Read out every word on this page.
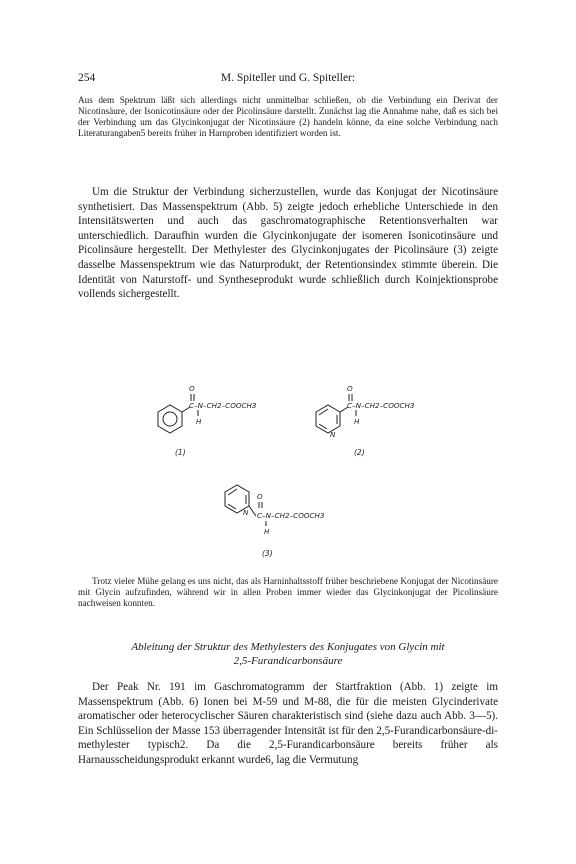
254	M. Spiteller und G. Spiteller:

Aus dem Spektrum läßt sich allerdings nicht unmittelbar schließen, ob die Verbindung ein Derivat der Nicotinsäure, der Isonicotinsäure oder der Picolinsäure darstellt. Zunächst lag die Annahme nahe, daß es sich bei der Verbindung um das Glycinkonjugat der Nicotinsäure (2) handeln könne, da eine solche Verbindung nach Literaturangaben5 bereits früher in Harnproben identifiziert worden ist.

Um die Struktur der Verbindung sicherzustellen, wurde das Konjugat der Nicotinsäure synthetisiert. Das Massenspektrum (Abb. 5) zeigte jedoch erhebliche Unterschiede in den Intensitätswerten und auch das gaschromatographische Retentionsverhalten war unterschiedlich. Daraufhin wurden die Glycinkonjugate der isomeren Isonicotinsäure und Picolinsäure hergestellt. Der Methylester des Glycinkonjugates der Picolinsäure (3) zeigte dasselbe Massenspektrum wie das Naturprodukt, der Retentionsindex stimmte überein. Die Identität von Naturstoff- und Syntheseprodukt wurde schließlich durch Koinjektionsprobe vollends sichergestellt.

O
C–N–CH2–COOCH3
H
(1)
N
O
C–N–CH2–COOCH3
H
(2)
N
O
C–N–CH2–COOCH3
H
(3)

Trotz vieler Mühe gelang es uns nicht, das als Harninhaltsstoff früher beschriebene Konjugat der Nicotinsäure mit Glycin aufzufinden, während wir in allen Proben immer wieder das Glycinkonjugat der Picolinsäure nachweisen konnten.

Ableitung der Struktur des Methylesters des Konjugates von Glycin mit
2,5-Furandicarbonsäure

Der Peak Nr. 191 im Gaschromatogramm der Startfraktion (Abb. 1) zeigte im Massenspektrum (Abb. 6) Ionen bei M-59 und M-88, die für die meisten Glycinderivate aromatischer oder heterocyclischer Säuren charakteristisch sind (siehe dazu auch Abb. 3—5). Ein Schlüsselion der Masse 153 überragender Intensität ist für den 2,5-Furandicarbonsäure-di-methylester typisch2. Da die 2,5-Furandicarbonsäure bereits früher als Harnausscheidungsprodukt erkannt wurde6, lag die Vermutung
